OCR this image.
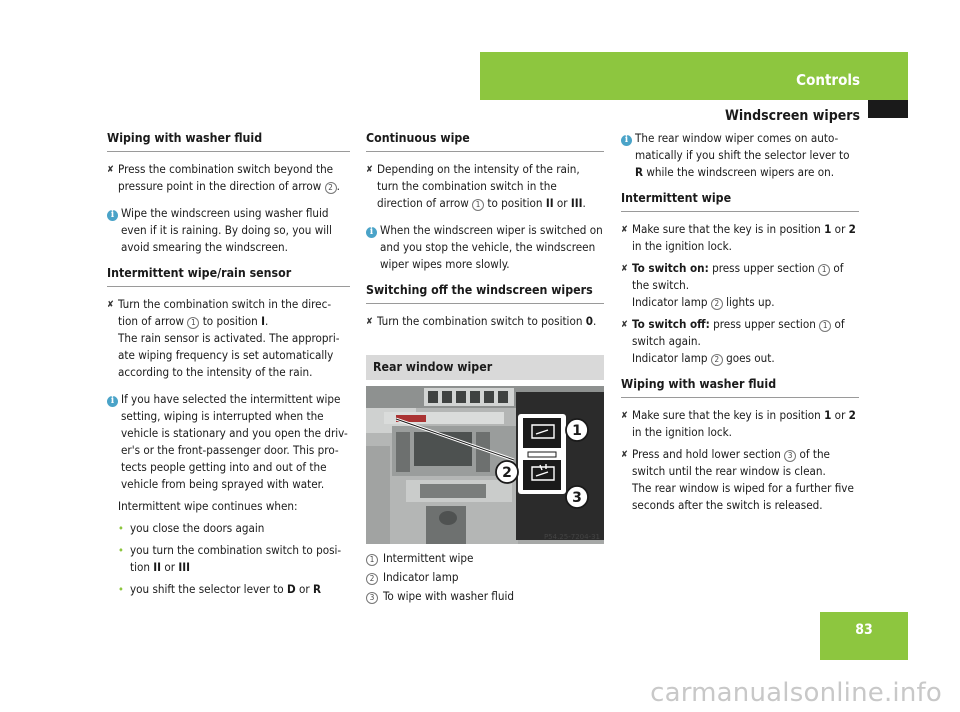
Controls
Windscreen wipers
Wiping with washer fluid
✘ Press the combination switch beyond the pressure point in the direction of arrow 2 .
i Wipe the windscreen using washer fluid even if it is raining. By doing so, you will avoid smearing the windscreen.
Intermittent wipe/rain sensor
✘ Turn the combination switch in the direc-tion of arrow 1 to position I.
The rain sensor is activated. The appropri-ate wiping frequency is set automatically according to the intensity of the rain.
i If you have selected the intermittent wipe setting, wiping is interrupted when the vehicle is stationary and you open the driv-er's or the front-passenger door. This pro-tects people getting into and out of the vehicle from being sprayed with water.
Intermittent wipe continues when:
• you close the doors again
• you turn the combination switch to posi-tion II or III
• you shift the selector lever to D or R
Continuous wipe
✘ Depending on the intensity of the rain, turn the combination switch in the direction of arrow 1 to position II or III.
i When the windscreen wiper is switched on and you stop the vehicle, the windscreen wiper wipes more slowly.
Switching off the windscreen wipers
✘ Turn the combination switch to position 0.
Rear window wiper
1
2
3
P54.25-7204-31
1 Intermittent wipe
2 Indicator lamp
3 To wipe with washer fluid
i The rear window wiper comes on auto-matically if you shift the selector lever to R while the windscreen wipers are on.
Intermittent wipe
✘ Make sure that the key is in position 1 or 2 in the ignition lock.
✘ To switch on: press upper section 1 of the switch.
Indicator lamp 2 lights up.
✘ To switch off: press upper section 1 of switch again.
Indicator lamp 2 goes out.
Wiping with washer fluid
✘ Make sure that the key is in position 1 or 2 in the ignition lock.
✘ Press and hold lower section 3 of the switch until the rear window is clean.
The rear window is wiped for a further five seconds after the switch is released.
83
carmanualsonline.info
